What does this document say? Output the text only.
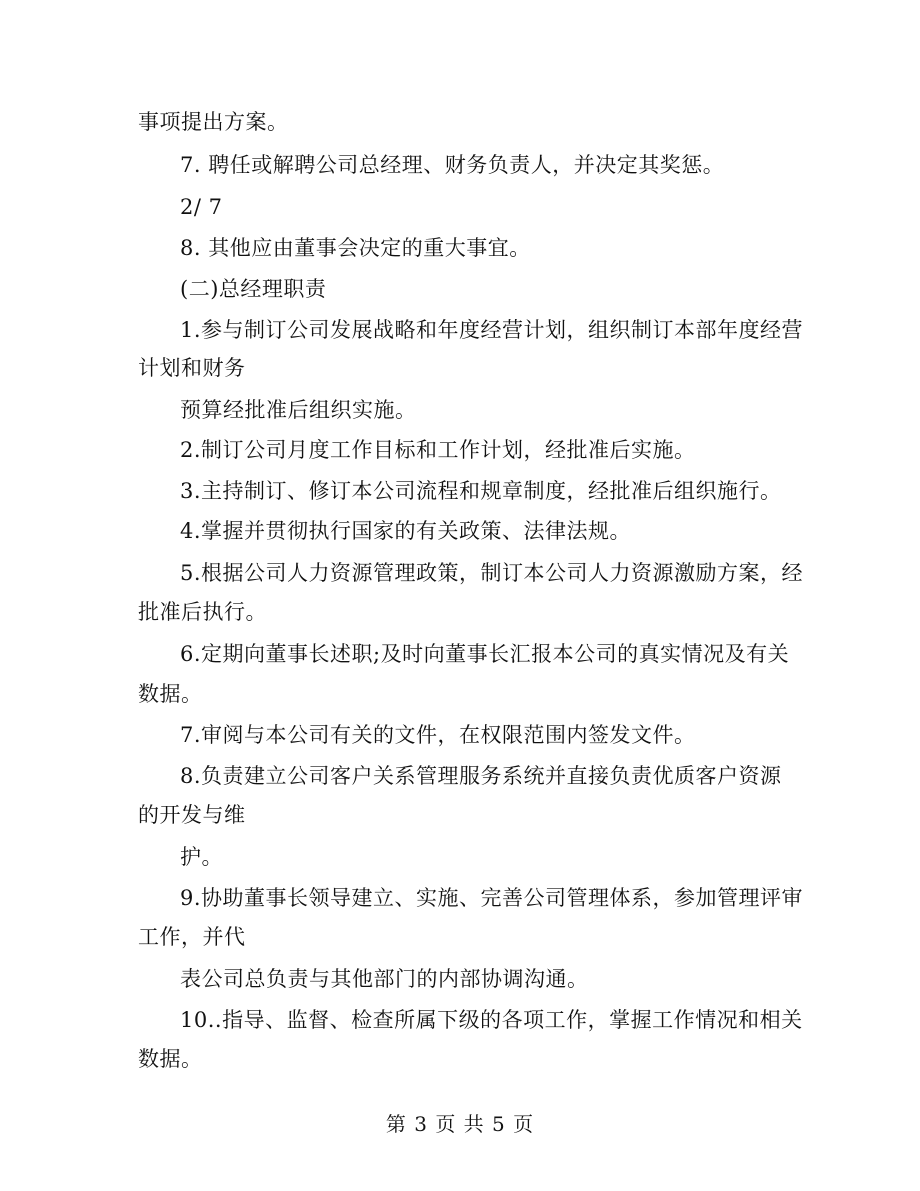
事项提出方案。
7. 聘任或解聘公司总经理、财务负责人，并决定其奖惩。
2/ 7
8. 其他应由董事会决定的重大事宜。
(二)总经理职责
1.参与制订公司发展战略和年度经营计划，组织制订本部年度经营
计划和财务
预算经批准后组织实施。
2.制订公司月度工作目标和工作计划，经批准后实施。
3.主持制订、修订本公司流程和规章制度，经批准后组织施行。
4.掌握并贯彻执行国家的有关政策、法律法规。
5.根据公司人力资源管理政策，制订本公司人力资源激励方案，经
批准后执行。
6.定期向董事长述职;及时向董事长汇报本公司的真实情况及有关
数据。
7.审阅与本公司有关的文件，在权限范围内签发文件。
8.负责建立公司客户关系管理服务系统并直接负责优质客户资源
的开发与维
护。
9.协助董事长领导建立、实施、完善公司管理体系，参加管理评审
工作，并代
表公司总负责与其他部门的内部协调沟通。
10..指导、监督、检查所属下级的各项工作，掌握工作情况和相关
数据。
第 3 页 共 5 页
